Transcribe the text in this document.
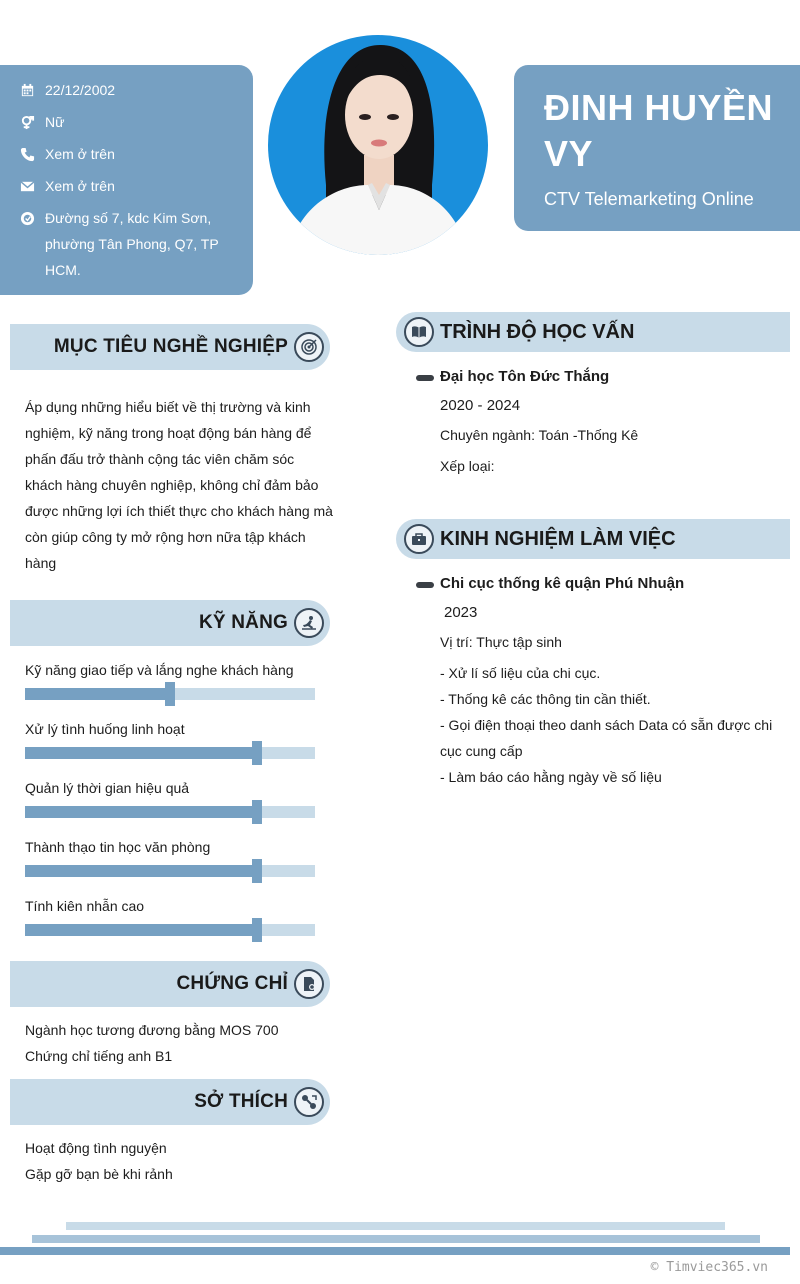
22/12/2002
Nữ
Xem ở trên
Xem ở trên
Đường số 7, kdc Kim Sơn, phường Tân Phong, Q7, TP HCM.
ĐINH HUYỀN VY
CTV Telemarketing Online
MỤC TIÊU NGHỀ NGHIỆP
Áp dụng những hiểu biết về thị trường và kinh nghiệm, kỹ năng trong hoạt động bán hàng để phấn đấu trở thành cộng tác viên chăm sóc khách hàng chuyên nghiệp, không chỉ đảm bảo được những lợi ích thiết thực cho khách hàng mà còn giúp công ty mở rộng hơn nữa tập khách hàng
KỸ NĂNG
Kỹ năng giao tiếp và lắng nghe khách hàng
Xử lý tình huống linh hoạt
Quản lý thời gian hiệu quả
Thành thạo tin học văn phòng
Tính kiên nhẫn cao
CHỨNG CHỈ
Ngành học tương đương bằng MOS 700
Chứng chỉ tiếng anh B1
SỞ THÍCH
Hoạt động tình nguyện
Gặp gỡ bạn bè khi rảnh
TRÌNH ĐỘ HỌC VẤN
Đại học Tôn Đức Thắng
2020 - 2024
Chuyên ngành: Toán -Thống Kê
Xếp loại:
KINH NGHIỆM LÀM VIỆC
Chi cục thống kê quận Phú Nhuận
2023
Vị trí: Thực tập sinh
- Xử lí số liệu của chi cục.
- Thống kê các thông tin cần thiết.
- Gọi điện thoại theo danh sách Data có sẵn được chi cục cung cấp
- Làm báo cáo hằng ngày về số liệu
© Timviec365.vn
